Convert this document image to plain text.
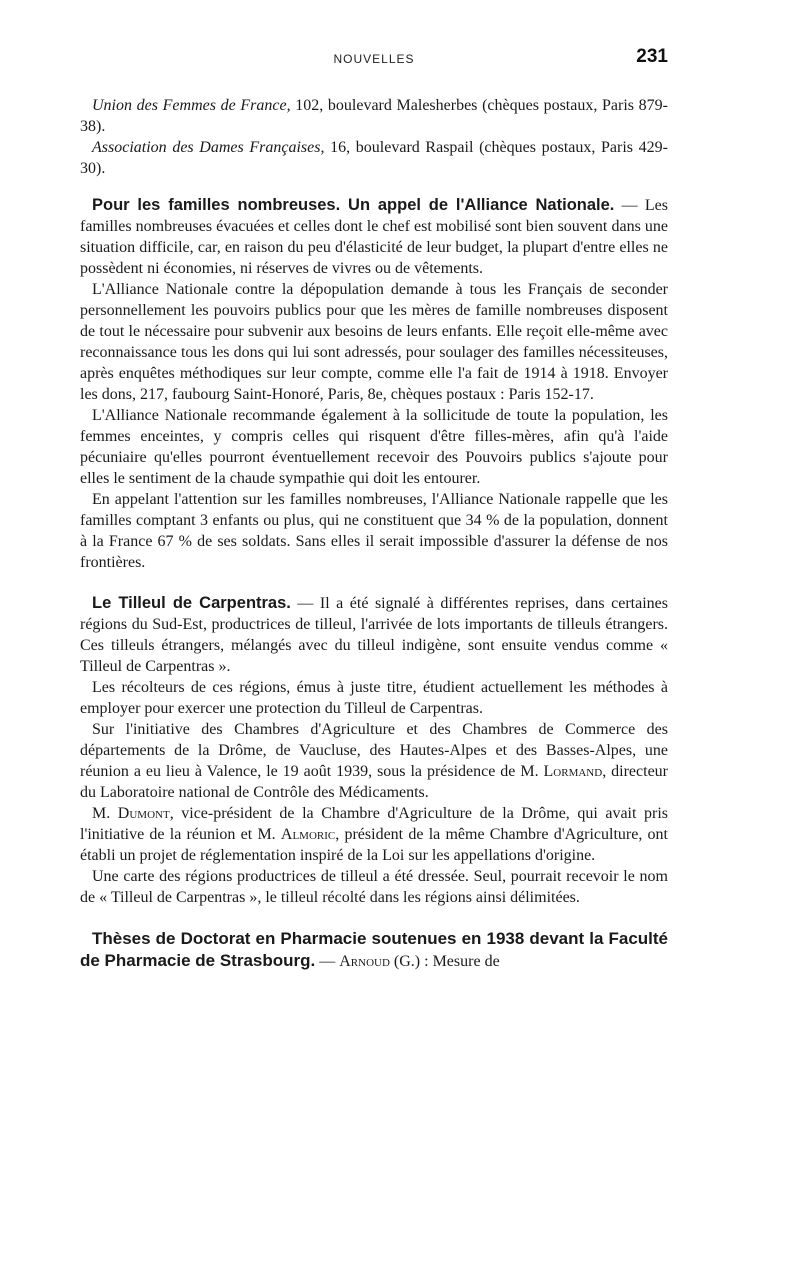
NOUVELLES	231

Union des Femmes de France, 102, boulevard Malesherbes (chèques postaux, Paris 879-38).

Association des Dames Françaises, 16, boulevard Raspail (chèques postaux, Paris 429-30).

Pour les familles nombreuses. Un appel de l'Alliance Nationale. — Les familles nombreuses évacuées et celles dont le chef est mobilisé sont bien souvent dans une situation difficile, car, en raison du peu d'élasticité de leur budget, la plupart d'entre elles ne possèdent ni économies, ni réserves de vivres ou de vêtements.

L'Alliance Nationale contre la dépopulation demande à tous les Français de seconder personnellement les pouvoirs publics pour que les mères de famille nombreuses disposent de tout le nécessaire pour subvenir aux besoins de leurs enfants. Elle reçoit elle-même avec reconnaissance tous les dons qui lui sont adressés, pour soulager des familles nécessiteuses, après enquêtes méthodiques sur leur compte, comme elle l'a fait de 1914 à 1918. Envoyer les dons, 217, faubourg Saint-Honoré, Paris, 8e, chèques postaux : Paris 152-17.

L'Alliance Nationale recommande également à la sollicitude de toute la population, les femmes enceintes, y compris celles qui risquent d'être filles-mères, afin qu'à l'aide pécuniaire qu'elles pourront éventuellement recevoir des Pouvoirs publics s'ajoute pour elles le sentiment de la chaude sympathie qui doit les entourer.

En appelant l'attention sur les familles nombreuses, l'Alliance Nationale rappelle que les familles comptant 3 enfants ou plus, qui ne constituent que 34 % de la population, donnent à la France 67 % de ses soldats. Sans elles il serait impossible d'assurer la défense de nos frontières.

Le Tilleul de Carpentras. — Il a été signalé à différentes reprises, dans certaines régions du Sud-Est, productrices de tilleul, l'arrivée de lots importants de tilleuls étrangers. Ces tilleuls étrangers, mélangés avec du tilleul indigène, sont ensuite vendus comme « Tilleul de Carpentras ».

Les récolteurs de ces régions, émus à juste titre, étudient actuellement les méthodes à employer pour exercer une protection du Tilleul de Carpentras.

Sur l'initiative des Chambres d'Agriculture et des Chambres de Commerce des départements de la Drôme, de Vaucluse, des Hautes-Alpes et des Basses-Alpes, une réunion a eu lieu à Valence, le 19 août 1939, sous la présidence de M. Lormand, directeur du Laboratoire national de Contrôle des Médicaments.

M. Dumont, vice-président de la Chambre d'Agriculture de la Drôme, qui avait pris l'initiative de la réunion et M. Almoric, président de la même Chambre d'Agriculture, ont établi un projet de réglementation inspiré de la Loi sur les appellations d'origine.

Une carte des régions productrices de tilleul a été dressée. Seul, pourrait recevoir le nom de « Tilleul de Carpentras », le tilleul récolté dans les régions ainsi délimitées.

Thèses de Doctorat en Pharmacie soutenues en 1938 devant la Faculté de Pharmacie de Strasbourg. — Arnoud (G.) : Mesure de
